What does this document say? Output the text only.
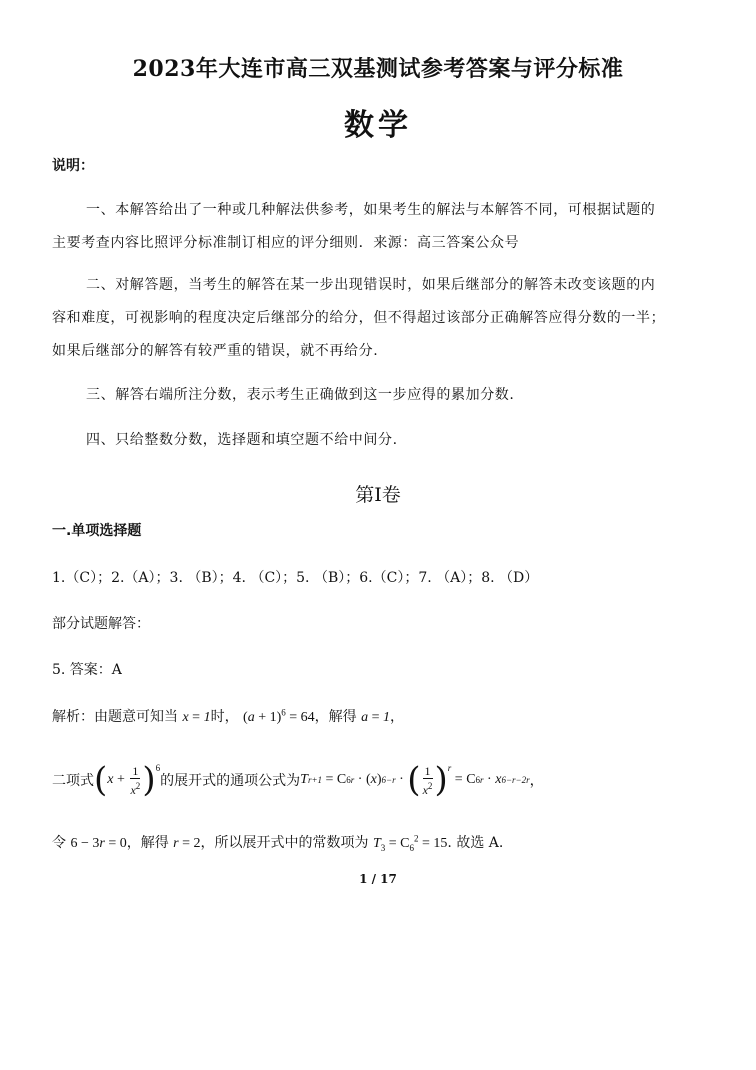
2023年大连市高三双基测试参考答案与评分标准
数学
说明：
一、本解答给出了一种或几种解法供参考，如果考生的解法与本解答不同，可根据试题的
主要考查内容比照评分标准制订相应的评分细则．来源：高三答案公众号
二、对解答题，当考生的解答在某一步出现错误时，如果后继部分的解答未改变该题的内
容和难度，可视影响的程度决定后继部分的给分，但不得超过该部分正确解答应得分数的一半；
如果后继部分的解答有较严重的错误，就不再给分.
三、解答右端所注分数，表示考生正确做到这一步应得的累加分数.
四、只给整数分数，选择题和填空题不给中间分.
第Ⅰ卷
一.单项选择题
1.（C）；2.（A）；3. （B）；4. （C）；5. （B）；6.（C）；7. （A）；8. （D）
部分试题解答：
5. 答案：A
解析：由题意可知当 x = 1时， $(a + 1)^6 = 64$，解得 a = 1，
二项式 ( $x + \frac{1}{x^2} )^6$
的展开式的通项公式为 T r+1 = C 6 r · ( x ) 6−r · ( $\frac{1}{x^2} )^r$
= C 6 r · x 6−r−2r ，
令 6 − 3r = 0，解得 r = 2，所以展开式中的常数项为 $T_3 = C_6^2 = 15$. 故选 A.
1 / 17
